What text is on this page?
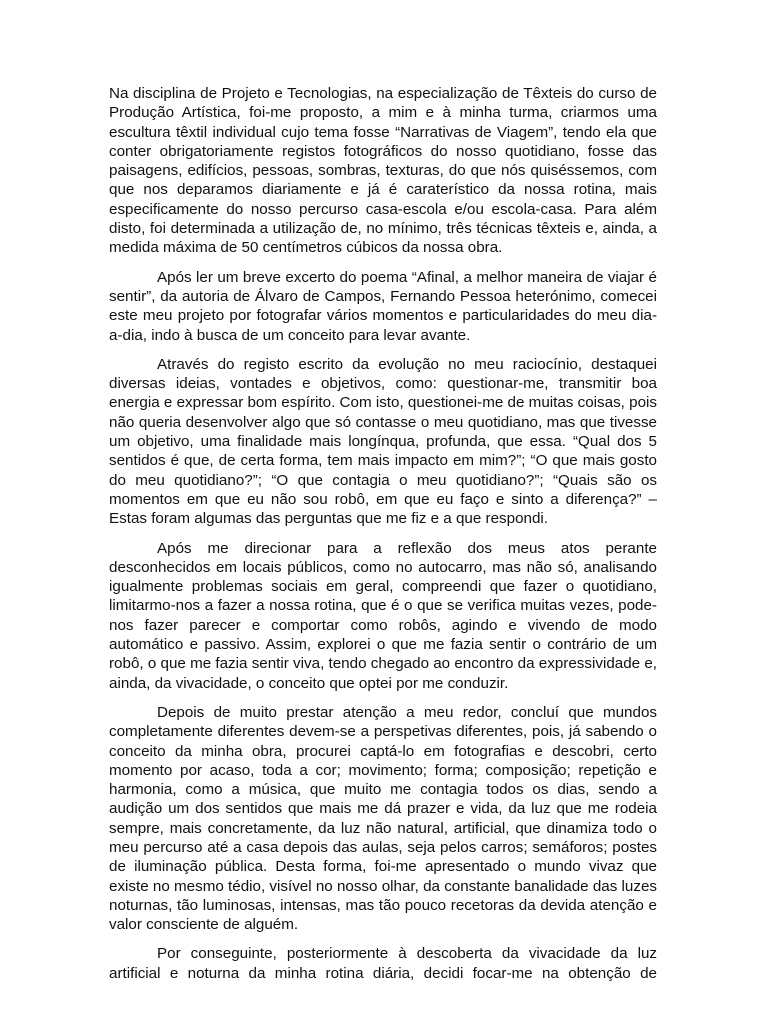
Na disciplina de Projeto e Tecnologias, na especialização de Têxteis do curso de Produção Artística, foi-me proposto, a mim e à minha turma, criarmos uma escultura têxtil individual cujo tema fosse “Narrativas de Viagem”, tendo ela que conter obrigatoriamente registos fotográficos do nosso quotidiano, fosse das paisagens, edifícios, pessoas, sombras, texturas, do que nós quiséssemos, com que nos deparamos diariamente e já é caraterístico da nossa rotina, mais especificamente do nosso percurso casa-escola e/ou escola-casa. Para além disto, foi determinada a utilização de, no mínimo, três técnicas têxteis e, ainda, a medida máxima de 50 centímetros cúbicos da nossa obra.

Após ler um breve excerto do poema “Afinal, a melhor maneira de viajar é sentir”, da autoria de Álvaro de Campos, Fernando Pessoa heterónimo, comecei este meu projeto por fotografar vários momentos e particularidades do meu dia-a-dia, indo à busca de um conceito para levar avante.

Através do registo escrito da evolução no meu raciocínio, destaquei diversas ideias, vontades e objetivos, como: questionar-me, transmitir boa energia e expressar bom espírito. Com isto, questionei-me de muitas coisas, pois não queria desenvolver algo que só contasse o meu quotidiano, mas que tivesse um objetivo, uma finalidade mais longínqua, profunda, que essa. “Qual dos 5 sentidos é que, de certa forma, tem mais impacto em mim?”; “O que mais gosto do meu quotidiano?”; “O que contagia o meu quotidiano?”; “Quais são os momentos em que eu não sou robô, em que eu faço e sinto a diferença?” – Estas foram algumas das perguntas que me fiz e a que respondi.

Após me direcionar para a reflexão dos meus atos perante desconhecidos em locais públicos, como no autocarro, mas não só, analisando igualmente problemas sociais em geral, compreendi que fazer o quotidiano, limitarmo-nos a fazer a nossa rotina, que é o que se verifica muitas vezes, pode-nos fazer parecer e comportar como robôs, agindo e vivendo de modo automático e passivo. Assim, explorei o que me fazia sentir o contrário de um robô, o que me fazia sentir viva, tendo chegado ao encontro da expressividade e, ainda, da vivacidade, o conceito que optei por me conduzir.

Depois de muito prestar atenção a meu redor, concluí que mundos completamente diferentes devem-se a perspetivas diferentes, pois, já sabendo o conceito da minha obra, procurei captá-lo em fotografias e descobri, certo momento por acaso, toda a cor; movimento; forma; composição; repetição e harmonia, como a música, que muito me contagia todos os dias, sendo a audição um dos sentidos que mais me dá prazer e vida, da luz que me rodeia sempre, mais concretamente, da luz não natural, artificial, que dinamiza todo o meu percurso até a casa depois das aulas, seja pelos carros; semáforos; postes de iluminação pública. Desta forma, foi-me apresentado o mundo vivaz que existe no mesmo tédio, visível no nosso olhar, da constante banalidade das luzes noturnas, tão luminosas, intensas, mas tão pouco recetoras da devida atenção e valor consciente de alguém.

Por conseguinte, posteriormente à descoberta da vivacidade da luz artificial e noturna da minha rotina diária, decidi focar-me na obtenção de
